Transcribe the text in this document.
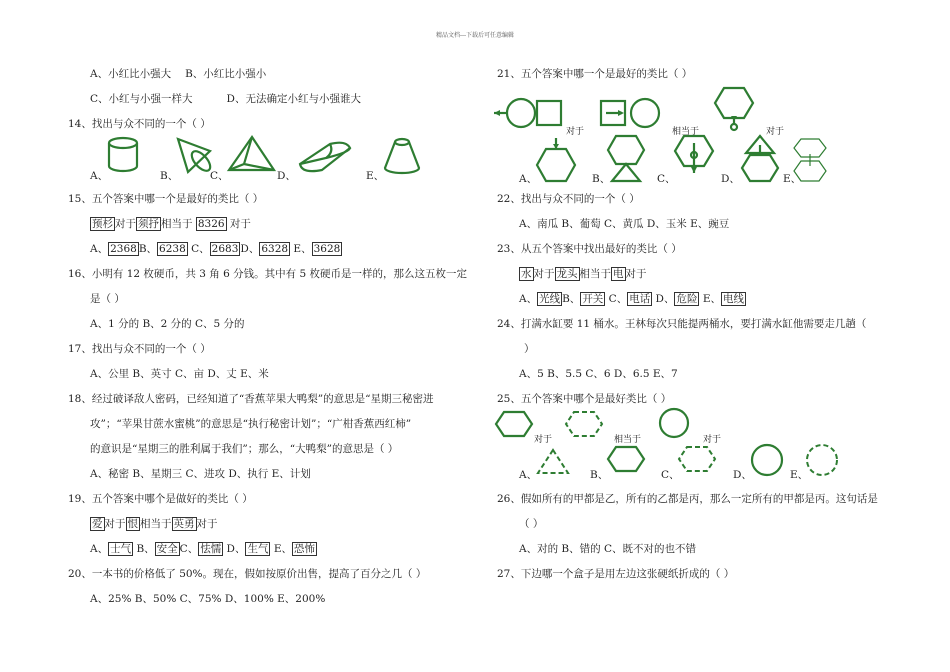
精品文档---下载后可任意编辑
A、小红比小强大 B、小红比小强小
C、小红与小强一样大	D、无法确定小红与小强谁大
14、找出与众不同的一个（ ）
A、	B、	C、	D、	E、
15、五个答案中哪一个是最好的类比（ ）
预杉 对于 须抒 相当于 8326 对于
A、 2368 B、 6238 C、 2683 D、 6328 E、 3628
16、小明有 12 枚硬币，共 3 角 6 分钱。其中有 5 枚硬币是一样的，那么这五枚一定
是（ ）
A、1 分的 B、2 分的 C、5 分的
17、找出与众不同的一个（ ）
A、公里 B、英寸 C、亩 D、丈 E、米
18、经过破译敌人密码，已经知道了“香蕉苹果大鸭梨”的意思是“星期三秘密进
攻”；“苹果甘蔗水蜜桃”的意思是“执行秘密计划”；“广柑香蕉西红柿”
的意识是“星期三的胜利属于我们”；那么，“大鸭梨”的意思是（ ）
A、秘密 B、星期三 C、进攻 D、执行 E、计划
19、五个答案中哪个是做好的类比（ ）
爱 对于 恨 相当于 英勇 对于
A、 士气 B、 安全 C、 怯懦 D、 生气 E、 恐怖
20、一本书的价格低了 50%。现在，假如按原价出售，提高了百分之几（ ）
A、25% B、50% C、75% D、100% E、200%
21、五个答案中哪一个是最好的类比（ ）
对于	相当于	对于
A、	B、	C、	D、	E、
22、找出与众不同的一个（ ）
A、南瓜 B、葡萄 C、黄瓜 D、玉米 E、豌豆
23、从五个答案中找出最好的类比（ ）
水 对于 龙头 相当于 电 对于
A、 光线 B、 开关 C、 电话 D、 危险 E、 电线
24、打满水缸要 11 桶水。王林每次只能提两桶水，要打满水缸他需要走几趟（
）
A、5 B、5.5 C、6 D、6.5 E、7
25、五个答案中哪个是最好类比（ ）
对于	相当于	对于
A、	B、	C、	D、	E、
26、假如所有的甲都是乙，所有的乙都是丙，那么一定所有的甲都是丙。这句话是
（ ）
A、对的 B、错的 C、既不对的也不错
27、下边哪一个盒子是用左边这张硬纸折成的（ ）
